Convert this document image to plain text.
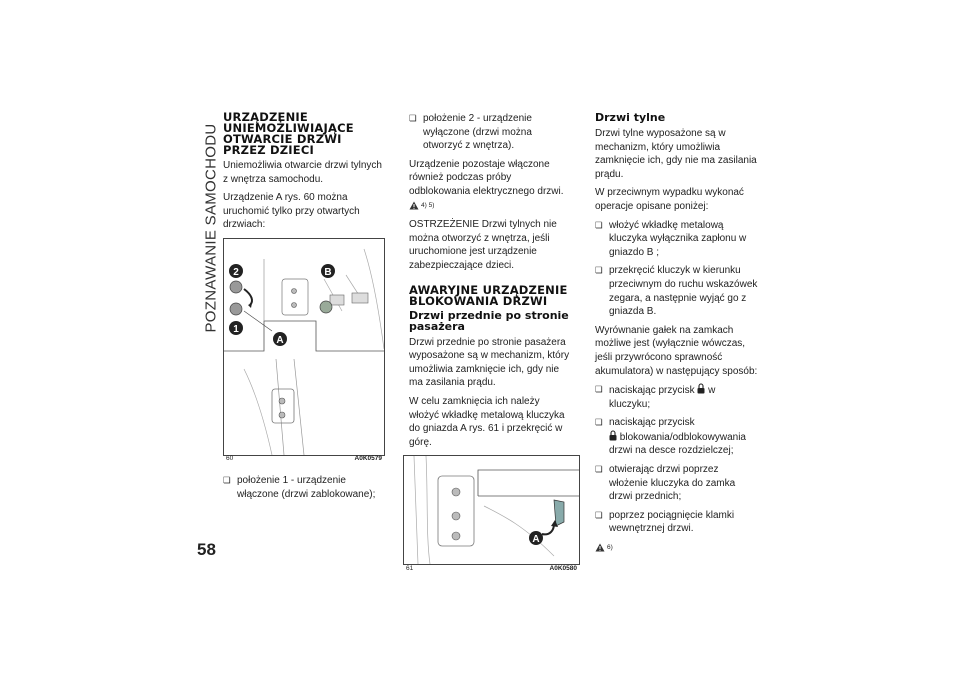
POZNAWANIE SAMOCHODU
58
URZĄDZENIE UNIEMOŻLIWIAJĄCE OTWARCIE DRZWI PRZEZ DZIECI

Uniemożliwia otwarcie drzwi tylnych z wnętrza samochodu.

Urządzenie A rys. 60 można uruchomić tylko przy otwartych drzwiach:

2	B
1
A
60	A0K0579
❏ położenie 1 - urządzenie włączone (drzwi zablokowane);
❏ położenie 2 - urządzenie wyłączone (drzwi można otworzyć z wnętrza).

Urządzenie pozostaje włączone również podczas próby odblokowania elektrycznego drzwi. $^{4) 5)}$

OSTRZEŻENIE Drzwi tylnych nie można otworzyć z wnętrza, jeśli uruchomione jest urządzenie zabezpieczające dzieci.

AWARYJNE URZĄDZENIE BLOKOWANIA DRZWI
Drzwi przednie po stronie pasażera

Drzwi przednie po stronie pasażera wyposażone są w mechanizm, który umożliwia zamknięcie ich, gdy nie ma zasilania prądu.

W celu zamknięcia ich należy włożyć wkładkę metalową kluczyka do gniazda A rys. 61 i przekręcić w górę.

A
61	A0K0580
Drzwi tylne

Drzwi tylne wyposażone są w mechanizm, który umożliwia zamknięcie ich, gdy nie ma zasilania prądu.

W przeciwnym wypadku wykonać operacje opisane poniżej:

❏ włożyć wkładkę metalową kluczyka wyłącznika zapłonu w gniazdo B ;
❏ przekręcić kluczyk w kierunku przeciwnym do ruchu wskazówek zegara, a następnie wyjąć go z gniazda B.

Wyrównanie gałek na zamkach możliwe jest (wyłącznie wówczas, jeśli przywrócono sprawność akumulatora) w następujący sposób:

❏ naciskając przycisk w kluczyku;
❏ naciskając przycisk
blokowania/odblokowywania drzwi na desce rozdzielczej;
❏ otwierając drzwi poprzez włożenie kluczyka do zamka drzwi przednich;
❏ poprzez pociągnięcie klamki wewnętrznej drzwi.

$^{6)}$
